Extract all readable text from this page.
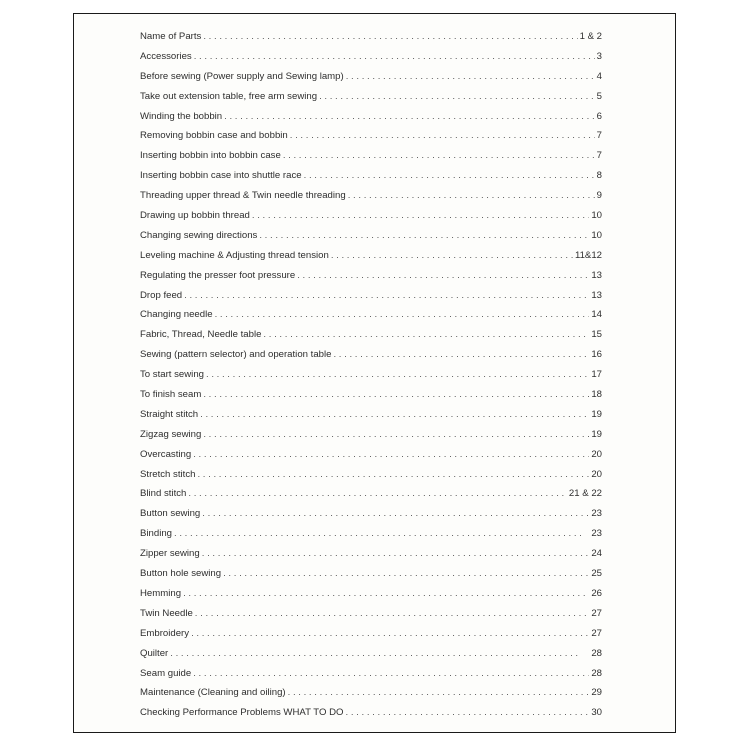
Name of Parts . . .	1 & 2
Accessories . . .	3
Before sewing (Power supply and Sewing lamp) . . .	4
Take out extension table, free arm sewing . . .	5
Winding the bobbin . . .	6
Removing bobbin case and bobbin . . .	7
Inserting bobbin into bobbin case . . .	7
Inserting bobbin case into shuttle race . . .	8
Threading upper thread & Twin needle threading . . .	9
Drawing up bobbin thread . . .	10
Changing sewing directions . . .	10
Leveling machine & Adjusting thread tension . . .	11&12
Regulating the presser foot pressure . . .	13
Drop feed . . .	13
Changing needle . . .	14
Fabric, Thread, Needle table . . .	15
Sewing (pattern selector) and operation table . . .	16
To start sewing . . .	17
To finish seam . . .	18
Straight stitch . . .	19
Zigzag sewing . . .	19
Overcasting . . .	20
Stretch stitch . . .	20
Blind stitch . . .	21 & 22
Button sewing . . .	23
Binding . . .	23
Zipper sewing . . .	24
Button hole sewing . . .	25
Hemming . . .	26
Twin Needle . . .	27
Embroidery . . .	27
Quilter . . .	28
Seam guide . . .	28
Maintenance (Cleaning and oiling) . . .	29
Checking Performance Problems WHAT TO DO . . .	30
